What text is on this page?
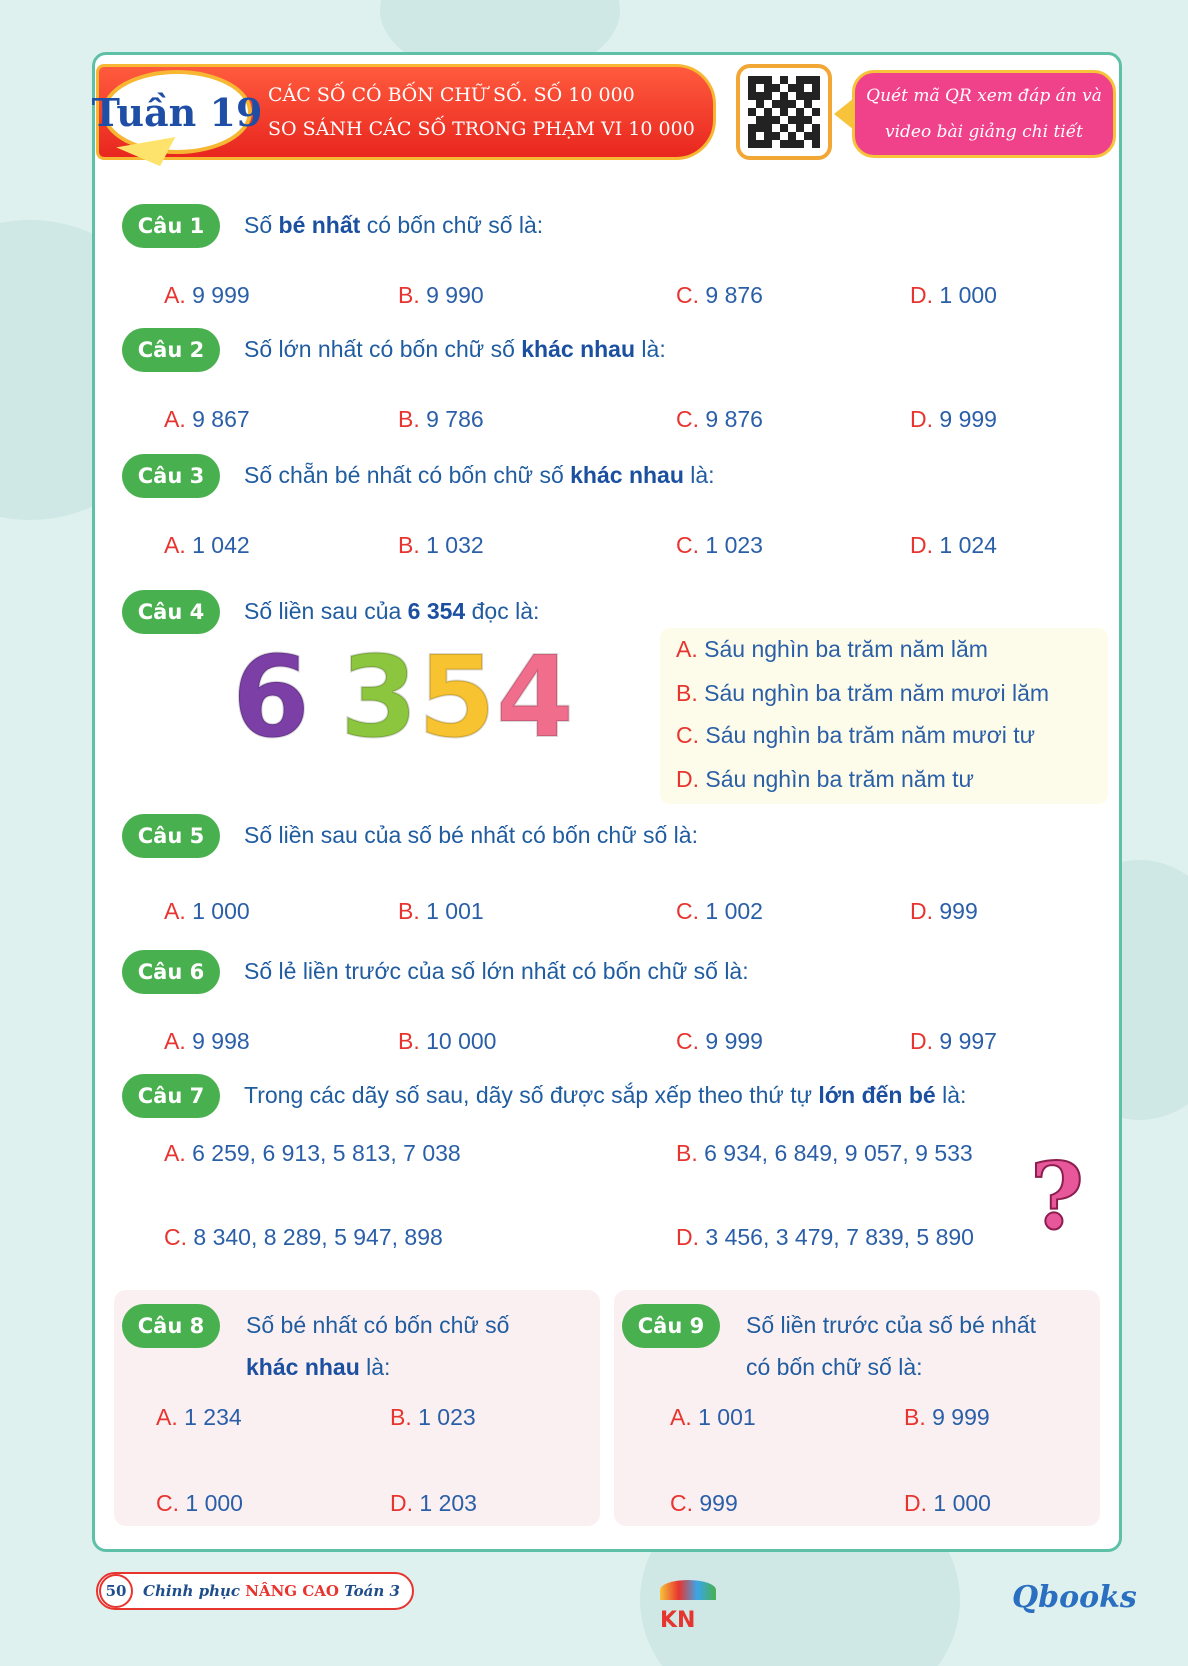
Tuần 19 CÁC SỐ CÓ BỐN CHỮ SỐ. SỐ 10 000
SO SÁNH CÁC SỐ TRONG PHẠM VI 10 000
Quét mã QR xem đáp án và
video bài giảng chi tiết
Câu 1	Số bé nhất có bốn chữ số là:
A. 9 999	B. 9 990	C. 9 876	D. 1 000
Câu 2	Số lớn nhất có bốn chữ số khác nhau là:
A. 9 867	B. 9 786	C. 9 876	D. 9 999
Câu 3	Số chẵn bé nhất có bốn chữ số khác nhau là:
A. 1 042	B. 1 032	C. 1 023	D. 1 024
Câu 4	Số liền sau của 6 354 đọc là:
6 3 5 4	A. Sáu nghìn ba trăm năm lăm
B. Sáu nghìn ba trăm năm mươi lăm
C. Sáu nghìn ba trăm năm mươi tư
D. Sáu nghìn ba trăm năm tư
Câu 5	Số liền sau của số bé nhất có bốn chữ số là:
A. 1 000	B. 1 001	C. 1 002	D. 999
Câu 6	Số lẻ liền trước của số lớn nhất có bốn chữ số là:
A. 9 998	B. 10 000	C. 9 999	D. 9 997
Câu 7	Trong các dãy số sau, dãy số được sắp xếp theo thứ tự lớn đến bé là:
A. 6 259, 6 913, 5 813, 7 038	B. 6 934, 6 849, 9 057, 9 533
C. 8 340, 8 289, 5 947, 898	D. 3 456, 3 479, 7 839, 5 890 ?
Câu 8	Số bé nhất có bốn chữ số
khác nhau là:
A. 1 234	B. 1 023
C. 1 000	D. 1 203
Câu 9	Số liền trước của số bé nhất
có bốn chữ số là:
A. 1 001	B. 9 999
C. 999	D. 1 000
50	Chinh phục NÂNG CAO Toán 3
KN
Qbooks
